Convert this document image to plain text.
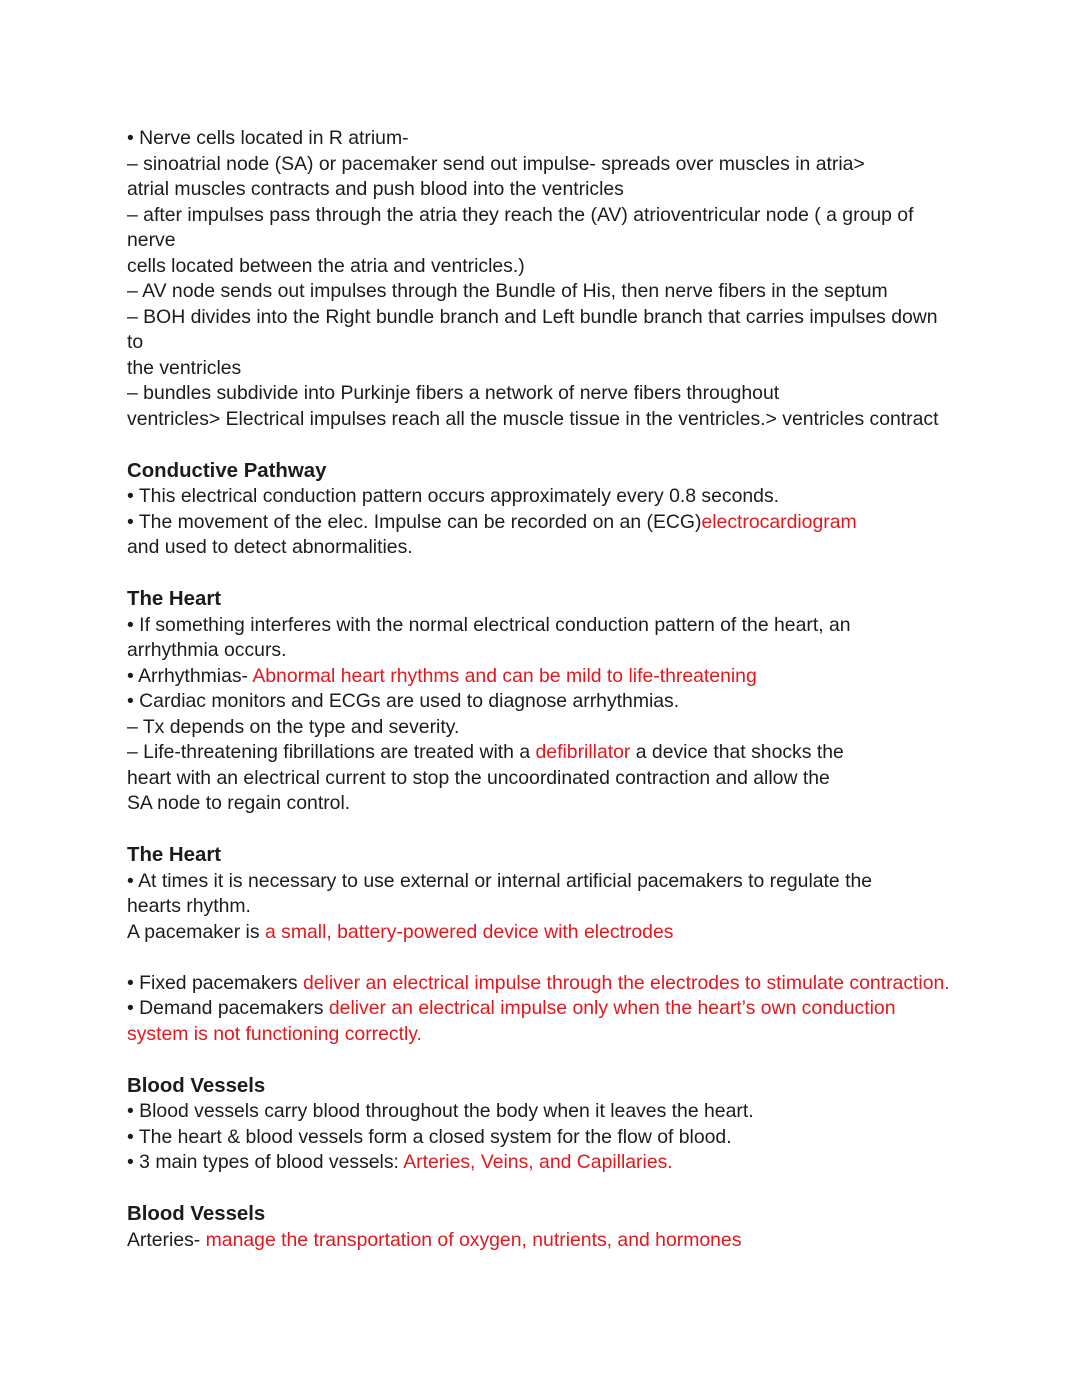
• Nerve cells located in R atrium-
– sinoatrial node (SA) or pacemaker send out impulse- spreads over muscles in atria>
atrial muscles contracts and push blood into the ventricles
– after impulses pass through the atria they reach the (AV) atrioventricular node ( a group of
nerve
cells located between the atria and ventricles.)
– AV node sends out impulses through the Bundle of His, then nerve fibers in the septum
– BOH divides into the Right bundle branch and Left bundle branch that carries impulses down
to
the ventricles
– bundles subdivide into Purkinje fibers a network of nerve fibers throughout
ventricles> Electrical impulses reach all the muscle tissue in the ventricles.> ventricles contract
Conductive Pathway
• This electrical conduction pattern occurs approximately every 0.8 seconds.
• The movement of the elec. Impulse can be recorded on an (ECG)electrocardiogram
and used to detect abnormalities.
The Heart
• If something interferes with the normal electrical conduction pattern of the heart, an
arrhythmia occurs.
• Arrhythmias- Abnormal heart rhythms and can be mild to life-threatening
• Cardiac monitors and ECGs are used to diagnose arrhythmias.
– Tx depends on the type and severity.
– Life-threatening fibrillations are treated with a defibrillator a device that shocks the
heart with an electrical current to stop the uncoordinated contraction and allow the
SA node to regain control.
The Heart
• At times it is necessary to use external or internal artificial pacemakers to regulate the
hearts rhythm.
A pacemaker is a small, battery-powered device with electrodes
• Fixed pacemakers deliver an electrical impulse through the electrodes to stimulate contraction.
• Demand pacemakers deliver an electrical impulse only when the heart’s own conduction
system is not functioning correctly.
Blood Vessels
• Blood vessels carry blood throughout the body when it leaves the heart.
• The heart & blood vessels form a closed system for the flow of blood.
• 3 main types of blood vessels: Arteries, Veins, and Capillaries.
Blood Vessels
Arteries- manage the transportation of oxygen, nutrients, and hormones
